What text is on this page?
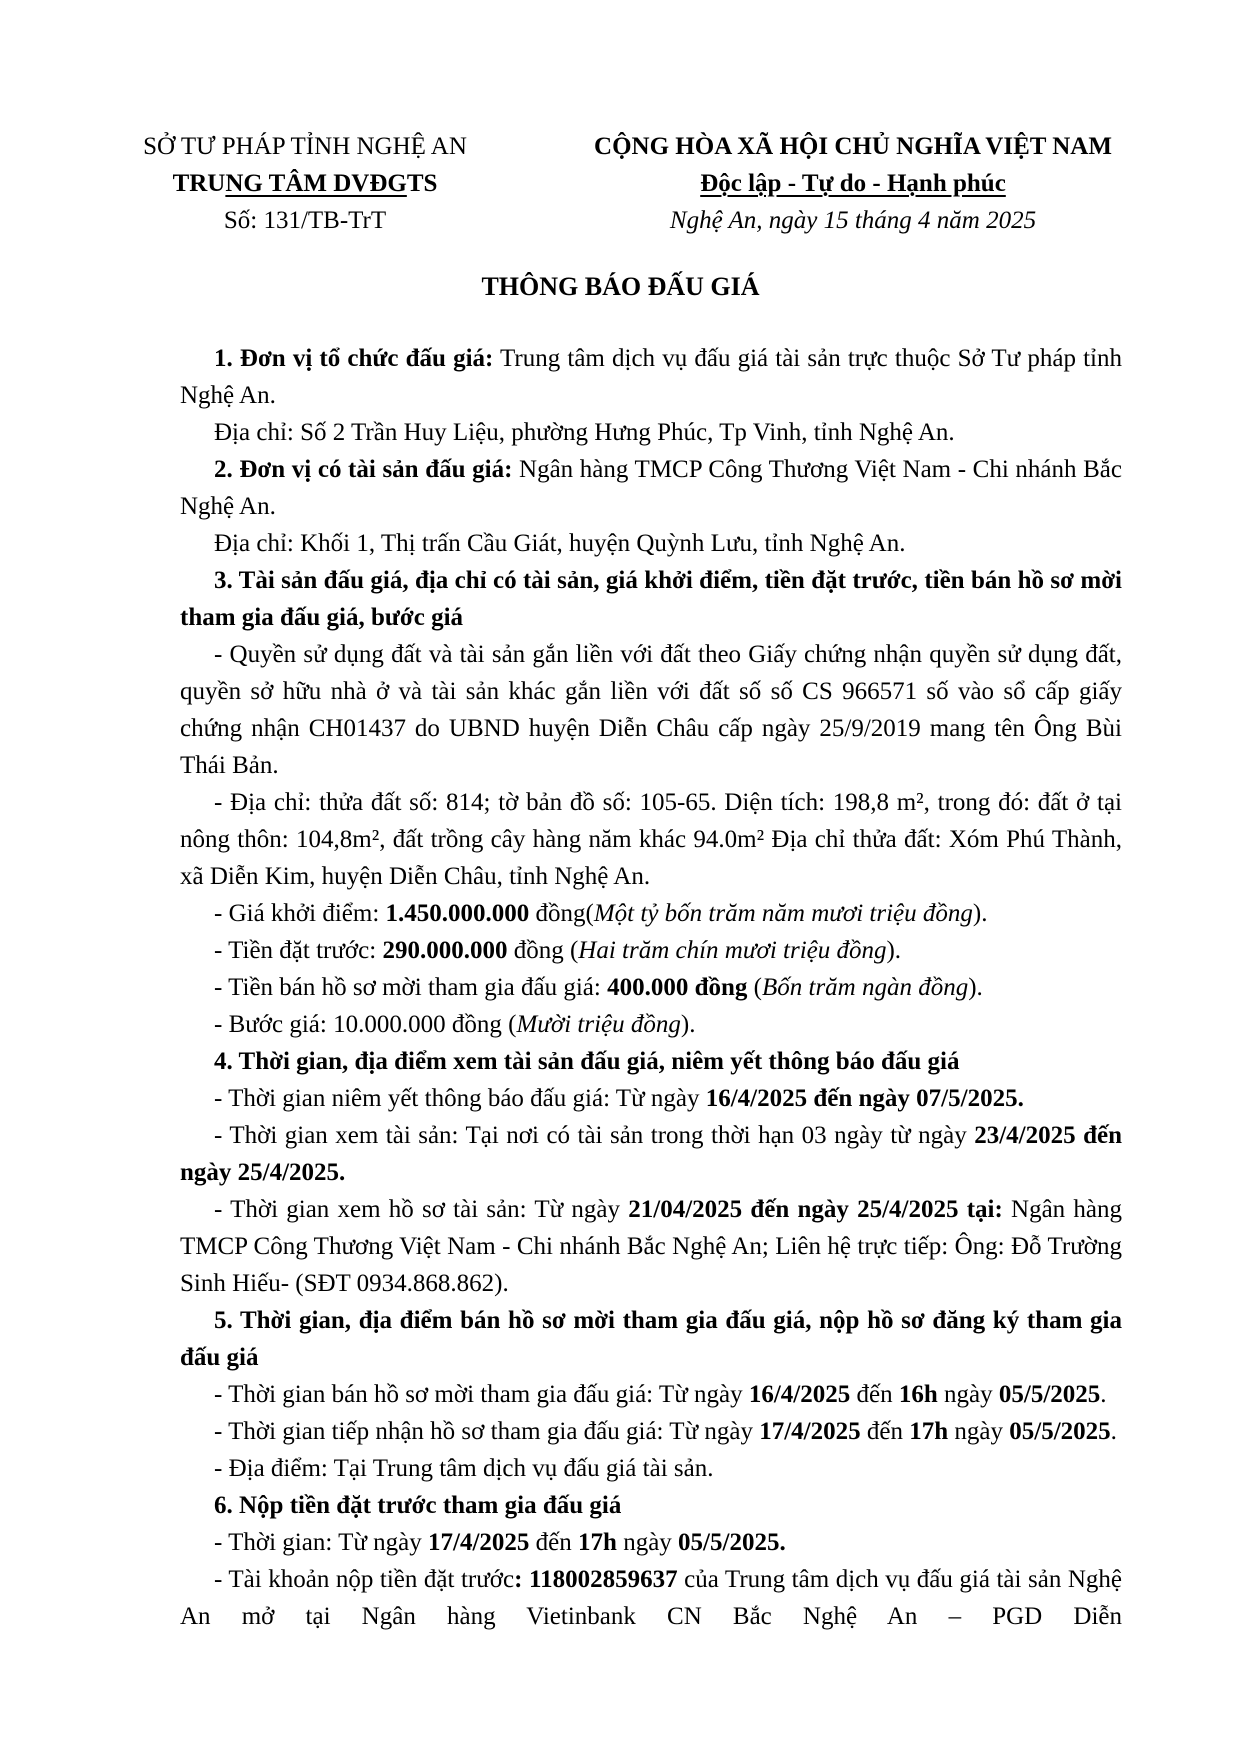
SỞ TƯ PHÁP TỈNH NGHỆ AN
TRUNG TÂM DVĐGTS
Số: 131/TB-TrT
CỘNG HÒA XÃ HỘI CHỦ NGHĨA VIỆT NAM
Độc lập - Tự do - Hạnh phúc
Nghệ An, ngày 15 tháng 4 năm 2025
THÔNG BÁO ĐẤU GIÁ

1. Đơn vị tổ chức đấu giá: Trung tâm dịch vụ đấu giá tài sản trực thuộc Sở Tư pháp tỉnh Nghệ An.

Địa chỉ: Số 2 Trần Huy Liệu, phường Hưng Phúc, Tp Vinh, tỉnh Nghệ An.

2. Đơn vị có tài sản đấu giá: Ngân hàng TMCP Công Thương Việt Nam - Chi nhánh Bắc Nghệ An.

Địa chỉ: Khối 1, Thị trấn Cầu Giát, huyện Quỳnh Lưu, tỉnh Nghệ An.

3. Tài sản đấu giá, địa chỉ có tài sản, giá khởi điểm, tiền đặt trước, tiền bán hồ sơ mời tham gia đấu giá, bước giá

- Quyền sử dụng đất và tài sản gắn liền với đất theo Giấy chứng nhận quyền sử dụng đất, quyền sở hữu nhà ở và tài sản khác gắn liền với đất số số CS 966571 số vào sổ cấp giấy chứng nhận CH01437 do UBND huyện Diễn Châu cấp ngày 25/9/2019 mang tên Ông Bùi Thái Bản.

- Địa chỉ: thửa đất số: 814; tờ bản đồ số: 105-65. Diện tích: 198,8 m², trong đó: đất ở tại nông thôn: 104,8m², đất trồng cây hàng năm khác 94.0m² Địa chỉ thửa đất: Xóm Phú Thành, xã Diễn Kim, huyện Diễn Châu, tỉnh Nghệ An.

- Giá khởi điểm: 1.450.000.000 đồng(Một tỷ bốn trăm năm mươi triệu đồng).

- Tiền đặt trước: 290.000.000 đồng (Hai trăm chín mươi triệu đồng).

- Tiền bán hồ sơ mời tham gia đấu giá: 400.000 đồng (Bốn trăm ngàn đồng).

- Bước giá: 10.000.000 đồng (Mười triệu đồng).

4. Thời gian, địa điểm xem tài sản đấu giá, niêm yết thông báo đấu giá

- Thời gian niêm yết thông báo đấu giá: Từ ngày 16/4/2025 đến ngày 07/5/2025.

- Thời gian xem tài sản: Tại nơi có tài sản trong thời hạn 03 ngày từ ngày 23/4/2025 đến ngày 25/4/2025.

- Thời gian xem hồ sơ tài sản: Từ ngày 21/04/2025 đến ngày 25/4/2025 tại: Ngân hàng TMCP Công Thương Việt Nam - Chi nhánh Bắc Nghệ An; Liên hệ trực tiếp: Ông: Đỗ Trường Sinh Hiếu- (SĐT 0934.868.862).

5. Thời gian, địa điểm bán hồ sơ mời tham gia đấu giá, nộp hồ sơ đăng ký tham gia đấu giá

- Thời gian bán hồ sơ mời tham gia đấu giá: Từ ngày 16/4/2025 đến 16h ngày 05/5/2025.

- Thời gian tiếp nhận hồ sơ tham gia đấu giá: Từ ngày 17/4/2025 đến 17h ngày 05/5/2025.

- Địa điểm: Tại Trung tâm dịch vụ đấu giá tài sản.

6. Nộp tiền đặt trước tham gia đấu giá

- Thời gian: Từ ngày 17/4/2025 đến 17h ngày 05/5/2025.

- Tài khoản nộp tiền đặt trước: 118002859637 của Trung tâm dịch vụ đấu giá tài sản Nghệ An mở tại Ngân hàng Vietinbank CN Bắc Nghệ An – PGD Diễn
